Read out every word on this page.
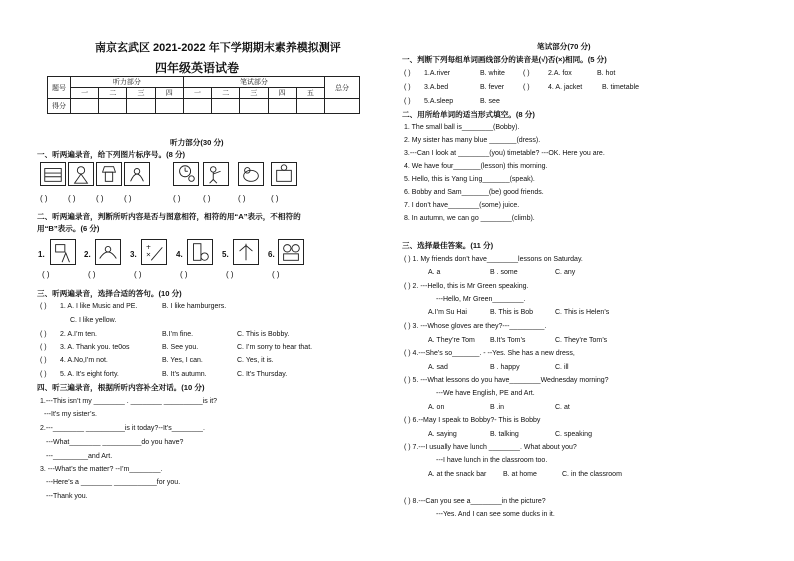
南京玄武区 2021-2022 年下学期期末素养模拟测评
四年级英语试卷
题号	听力部分				笔试部分					总分
	一	二	三	四	一	二	三	四	五	
得分										
听力部分(30 分)
一、听两遍录音，给下列图片标序号。(8 分)
( )	( )	( )	( )	( )	( )	( )	( )
二、听两遍录音，判断所听内容是否与图意相符，相符的用“A”表示，不相符的
用“B”表示。(6 分)
1.	2.	3.
+
×	4.	5.	6.
( )	( )	( )	( )	( )	( )
三、听两遍录音，选择合适的答句。(10 分)
( ) 1. A. I like Music and PE.	B. I like hamburgers.
C. I like yellow.
( ) 2. A.I’m ten.	B.I’m fine.	C. This is Bobby.
( ) 3. A. Thank you. te0os	B. See you.	C. I’m sorry to hear that.
( ) 4. A.No,I’m not.	B. Yes, I can.	C. Yes, it is.
( ) 5. A. It’s eight forty.	B. It’s autumn.	C. It’s Thursday.
四、听三遍录音，根据所听内容补全对话。(10 分)
1.---This isn’t my ________ . ________ __________is it?
---It’s my sister’s.
2.---________ __________is it today?--It’s________.
---What________ __________do you have?
---_________and Art.
3. ---What’s the matter? --I’m________.
---Here’s a ________ ___________for you.
---Thank you.
笔试部分(70 分)
一、判断下列每组单词画线部分的读音是(√)否(×)相同。(5 分)
( ) 1.A.river	B. white	( )	2.A. fox	B. hot
( ) 3.A.bed	B. fever	( )	4. A. jacket	B. timetable
( ) 5.A.sleep	B. see
二、用所给单词的适当形式填空。(8 分)
1. The small ball is________(Bobby).
2. My sister has many blue _______(dress).
3.---Can I look at ________(you) timetable? ---OK. Here you are.
4. We have four_______(lesson) this morning.
5. Hello, this is Yang Ling_______(speak).
6. Bobby and Sam_______(be) good friends.
7. I don’t have________(some) juice.
8. In autumn, we can go ________(climb).
三、选择最佳答案。(11 分)
( ) 1. My friends don’t have________lessons on Saturday.
A. a	B . some	C. any
( ) 2. ---Hello, this is Mr Green speaking.
---Hello, Mr Green________.
A.I’m Su Hai	B. This is Bob	C. This is Helen’s
( ) 3. ---Whose gloves are they?---_________.
A. They’re Tom B.It’s Tom’s	C. They’re Tom’s
( ) 4.---She’s so_______. - --Yes. She has a new dress,
A. sad	B . happy	C. ill
( ) 5. ---What lessons do you have________Wednesday morning?
---We have English, PE and Art.
A. on	B .in	C. at
( ) 6.--May I speak to Bobby?- This is Bobby
A. saying	B. talking	C. speaking
( ) 7.---I usually have lunch ________. What about you?
---I have lunch in the classroom too.
A. at the snack bar B. at home	C. in the classroom
( ) 8.---Can you see a________in the picture?
---Yes. And I can see some ducks in it.
